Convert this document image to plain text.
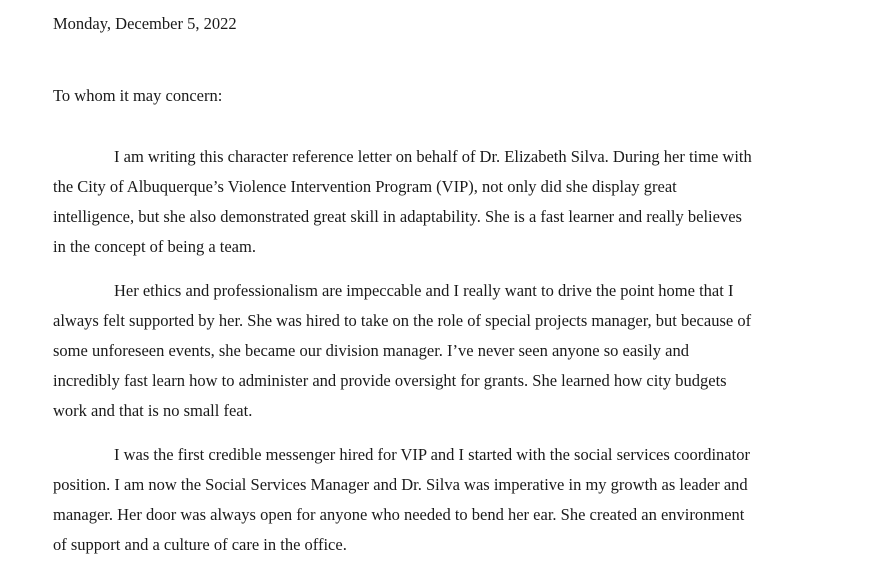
Monday, December 5, 2022

To whom it may concern:

I am writing this character reference letter on behalf of Dr. Elizabeth Silva. During her time with
the City of Albuquerque’s Violence Intervention Program (VIP), not only did she display great
intelligence, but she also demonstrated great skill in adaptability. She is a fast learner and really believes
in the concept of being a team.

Her ethics and professionalism are impeccable and I really want to drive the point home that I
always felt supported by her. She was hired to take on the role of special projects manager, but because of
some unforeseen events, she became our division manager. I’ve never seen anyone so easily and
incredibly fast learn how to administer and provide oversight for grants. She learned how city budgets
work and that is no small feat.

I was the first credible messenger hired for VIP and I started with the social services coordinator
position. I am now the Social Services Manager and Dr. Silva was imperative in my growth as leader and
manager. Her door was always open for anyone who needed to bend her ear. She created an environment
of support and a culture of care in the office.
